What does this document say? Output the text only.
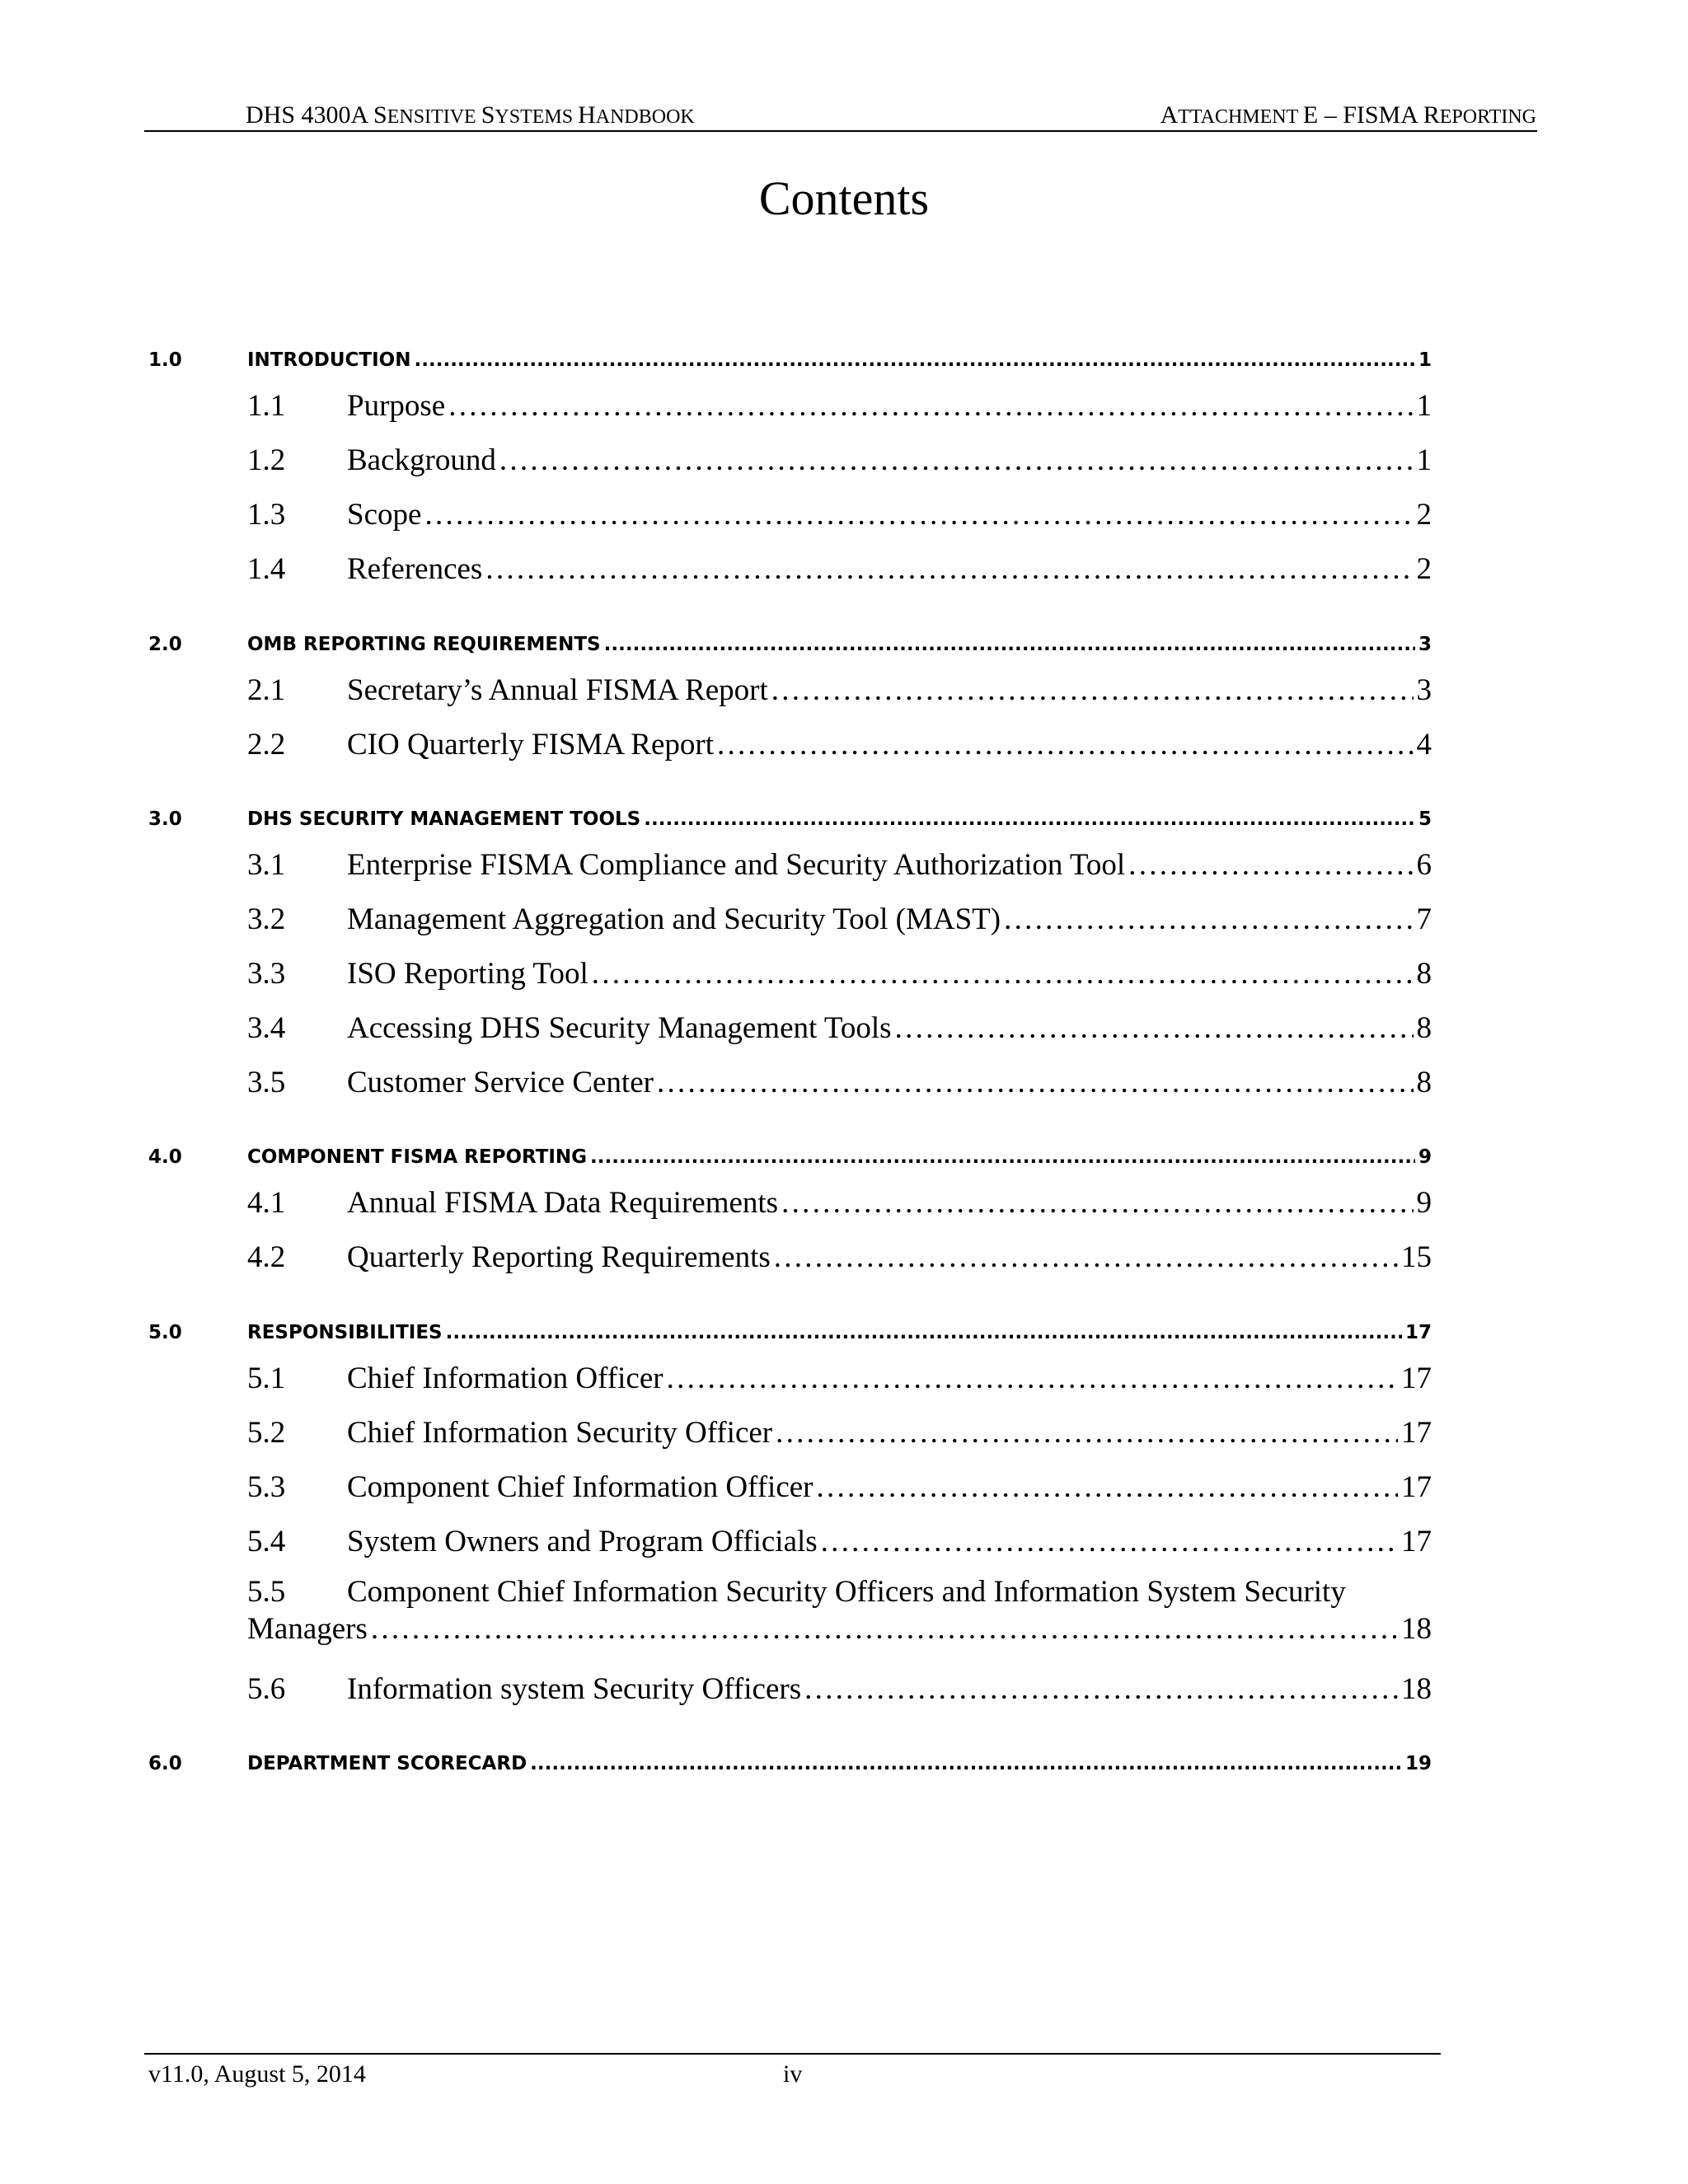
DHS 4300A SENSITIVE SYSTEMS HANDBOOK	ATTACHMENT E – FISMA REPORTING
Contents
1.0	INTRODUCTION . . .	1
1.1 Purpose . . .	1
1.2 Background . . .	1
1.3 Scope . . .	2
1.4 References . . .	2
2.0	OMB REPORTING REQUIREMENTS . . .	3
2.1 Secretary’s Annual FISMA Report . . .	3
2.2 CIO Quarterly FISMA Report . . .	4
3.0	DHS SECURITY MANAGEMENT TOOLS . . .	5
3.1 Enterprise FISMA Compliance and Security Authorization Tool . . .	6
3.2 Management Aggregation and Security Tool (MAST) . . .	7
3.3 ISO Reporting Tool . . .	8
3.4 Accessing DHS Security Management Tools . . .	8
3.5 Customer Service Center . . .	8
4.0	COMPONENT FISMA REPORTING . . .	9
4.1 Annual FISMA Data Requirements . . .	9
4.2 Quarterly Reporting Requirements . . .	15
5.0	RESPONSIBILITIES . . .	17
5.1 Chief Information Officer . . .	17
5.2 Chief Information Security Officer . . .	17
5.3 Component Chief Information Officer . . .	17
5.4 System Owners and Program Officials . . .	17
5.5 Component Chief Information Security Officers and Information System Security
Managers . . .	18
5.6 Information system Security Officers . . .	18
6.0	DEPARTMENT SCORECARD . . .	19
v11.0, August 5, 2014	iv
